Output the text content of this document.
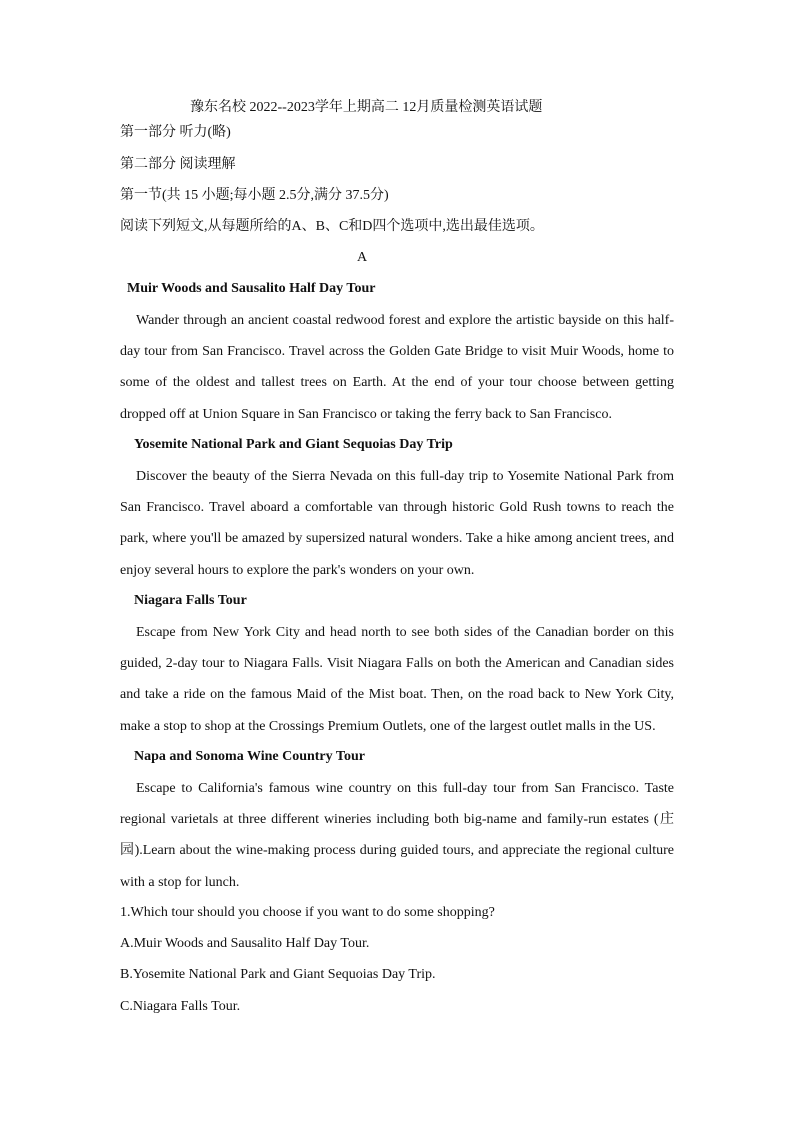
豫东名校 2022--2023学年上期高二 12月质量检测英语试题
第一部分 听力(略)
第二部分 阅读理解
第一节(共 15 小题;每小题 2.5分,满分 37.5分)
阅读下列短文,从每题所给的A、B、C和D四个选项中,选出最佳选项。
A
Muir Woods and Sausalito Half Day Tour
Wander through an ancient coastal redwood forest and explore the artistic bayside on this half-day tour from San Francisco. Travel across the Golden Gate Bridge to visit Muir Woods, home to some of the oldest and tallest trees on Earth. At the end of your tour choose between getting dropped off at Union Square in San Francisco or taking the ferry back to San Francisco.
Yosemite National Park and Giant Sequoias Day Trip
Discover the beauty of the Sierra Nevada on this full-day trip to Yosemite National Park from San Francisco. Travel aboard a comfortable van through historic Gold Rush towns to reach the park, where you'll be amazed by supersized natural wonders. Take a hike among ancient trees, and enjoy several hours to explore the park's wonders on your own.
Niagara Falls Tour
Escape from New York City and head north to see both sides of the Canadian border on this guided, 2-day tour to Niagara Falls. Visit Niagara Falls on both the American and Canadian sides and take a ride on the famous Maid of the Mist boat. Then, on the road back to New York City, make a stop to shop at the Crossings Premium Outlets, one of the largest outlet malls in the US.
Napa and Sonoma Wine Country Tour
Escape to California's famous wine country on this full-day tour from San Francisco. Taste regional varietals at three different wineries including both big-name and family-run estates (庄园).Learn about the wine-making process during guided tours, and appreciate the regional culture with a stop for lunch.
1.Which tour should you choose if you want to do some shopping?
A.Muir Woods and Sausalito Half Day Tour.
B.Yosemite National Park and Giant Sequoias Day Trip.
C.Niagara Falls Tour.
